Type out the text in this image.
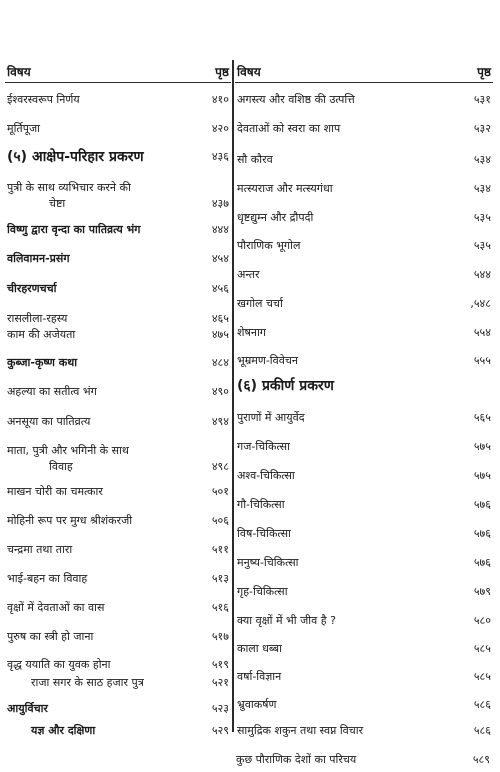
विषय	पृष्ठ
ईश्वरस्वरूप निर्णय	४१०
मूर्तिपूजा	४२०
(५) आक्षेप-परिहार प्रकरण	४३६
पुत्री के साथ व्यभिचार करने की
चेष्टा	४३७
विष्णु द्वारा वृन्दा का पातिव्रत्य भंग	४४४
वलिवामन-प्रसंग	४५४
चीरहरणचर्चा	४५६
रासलीला-रहस्य	४६५
काम की अजेयता	४७५
कुब्जा-कृष्ण कथा	४८४
अहल्या का सतीत्व भंग	४९०
अनसूया का पातिव्रत्य	४९४
माता, पुत्री और भगिनी के साथ
विवाह	४९८
माखन चोरी का चमत्कार	५०१
मोहिनी रूप पर मुग्ध श्रीशंकरजी	५०६
चन्द्रमा तथा तारा	५११
भाई-बहन का विवाह	५१३
वृक्षों में देवताओं का वास	५१६
पुरुष का स्त्री हो जाना	५१७
वृद्ध ययाति का युवक होना	५१९
राजा सगर के साठ हजार पुत्र	५२१
आयुर्विचार	५२३
यज्ञ और दक्षिणा	५२९
विषय	पृष्ठ
अगस्त्य और वशिष्ठ की उत्पत्ति	५३१
देवताओं को स्वरा का शाप	५३२
सौ कौरव	५३४
मत्स्यराज और मत्स्यगंधा	५३४
धृष्टद्युम्न और द्रौपदी	५३५
पौराणिक भूगोल	५३५
अन्तर	५४४
खगोल चर्चा	,५४८
शेषनाग	५५४
भूम्रमण-विवेचन	५५५
(६) प्रकीर्ण प्रकरण
पुराणों में आयुर्वेद	५६५
गज-चिकित्सा	५७५
अश्व-चिकित्सा	५७५
गौ-चिकित्सा	५७६
विष-चिकित्सा	५७६
मनुष्य-चिकित्सा	५७६
गृह-चिकित्सा	५७९
क्या वृक्षों में भी जीव है ?	५८०
काला धब्बा	५८५
वर्षा-विज्ञान	५८५
भ्रुवाकर्षण	५८६
सामुद्रिक शकुन तथा स्वप्न विचार	५८६
कुछ पौराणिक देशों का परिचय	५८९
